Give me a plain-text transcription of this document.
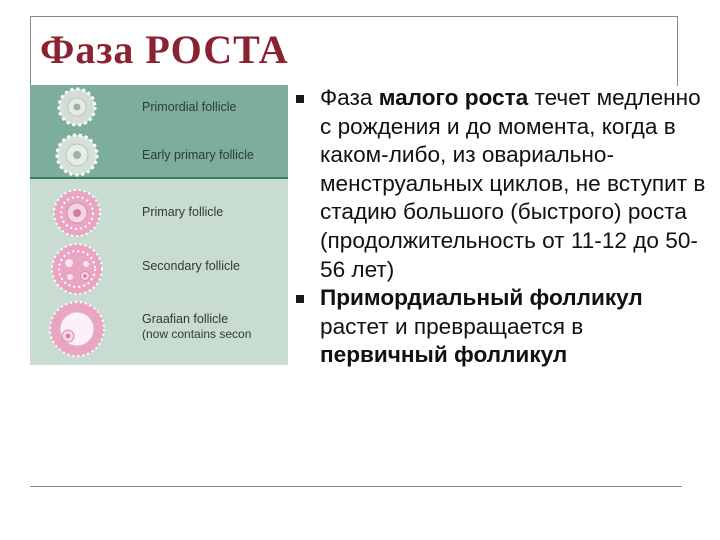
Фаза РОСТА
Primordial follicle
Early primary follicle
Primary follicle
Secondary follicle
Graafian follicle
(now contains secon

Фаза малого роста течет медленно с рождения и до момента, когда в каком-либо, из овариально-менструальных циклов, не вступит в стадию большого (быстрого) роста (продолжительность от 11-12 до 50-56 лет)

Примордиальный фолликул растет и превращается в первичный фолликул
